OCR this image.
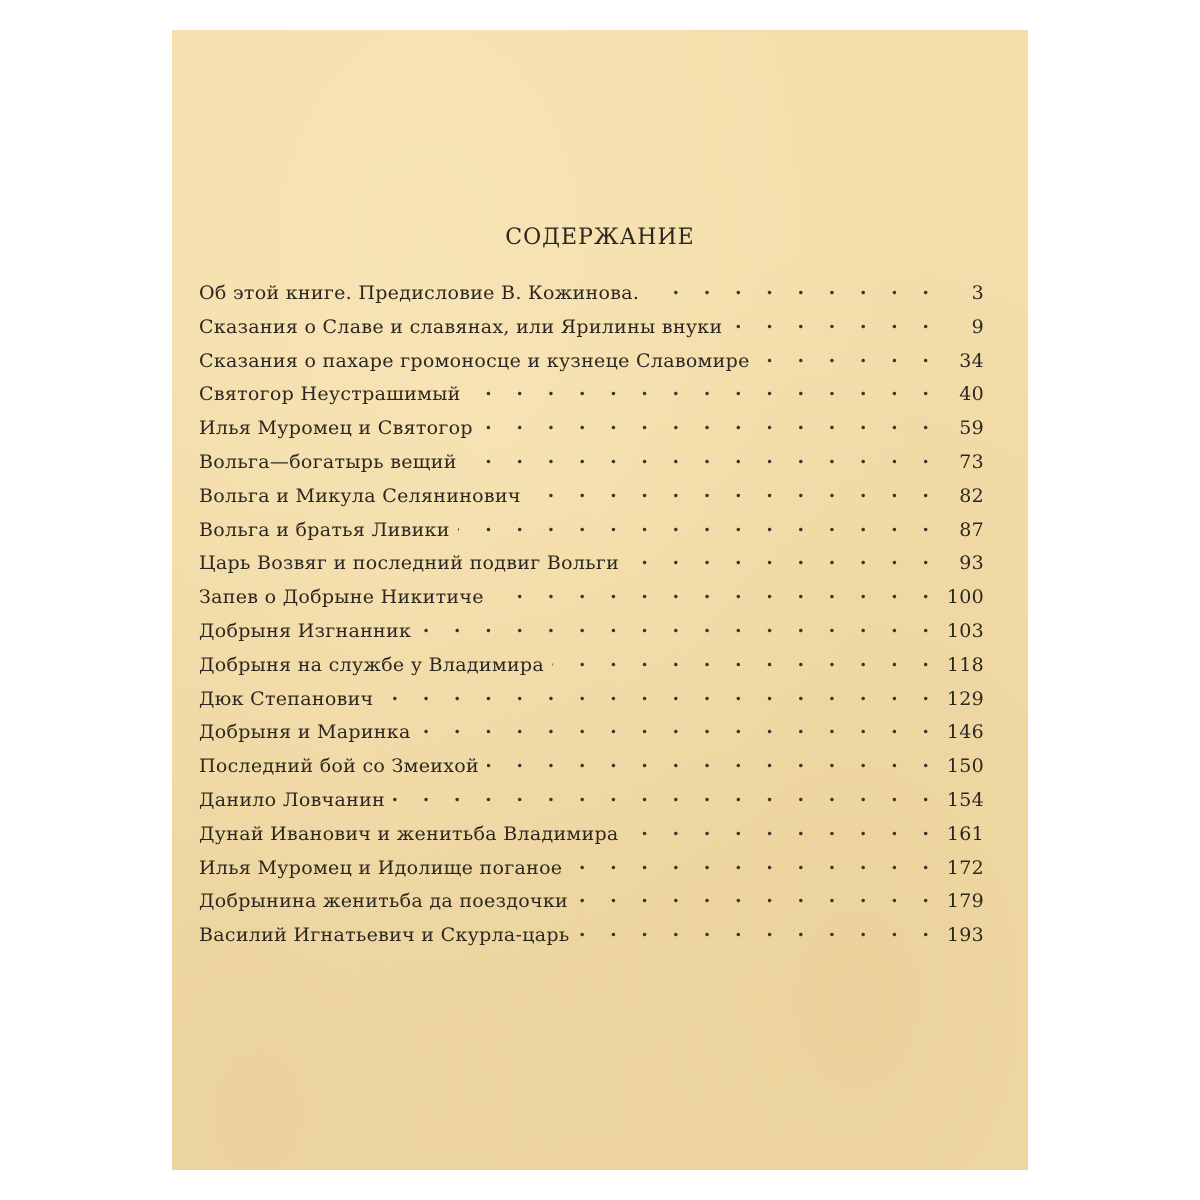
СОДЕРЖАНИЕ
Об этой книге. Предисловие В. Кожинова. . . .	3
Сказания о Славе и славянах, или Ярилины внуки . . .	9
Сказания о пахаре громоносце и кузнеце Славомире . . .	34
Святогор Неустрашимый . . .	40
Илья Муромец и Святогор . . .	59
Вольга—богатырь вещий . . .	73
Вольга и Микула Селянинович . . .	82
Вольга и братья Ливики . . .	87
Царь Возвяг и последний подвиг Вольги . . .	93
Запев о Добрыне Никитиче . . .	100
Добрыня Изгнанник . . .	103
Добрыня на службе у Владимира . . .	118
Дюк Степанович . . .	129
Добрыня и Маринка . . .	146
Последний бой со Змеихой . . .	150
Данило Ловчанин . . .	154
Дунай Иванович и женитьба Владимира . . .	161
Илья Муромец и Идолище поганое . . .	172
Добрынина женитьба да поездочки . . .	179
Василий Игнатьевич и Скурла-царь . . .	193
